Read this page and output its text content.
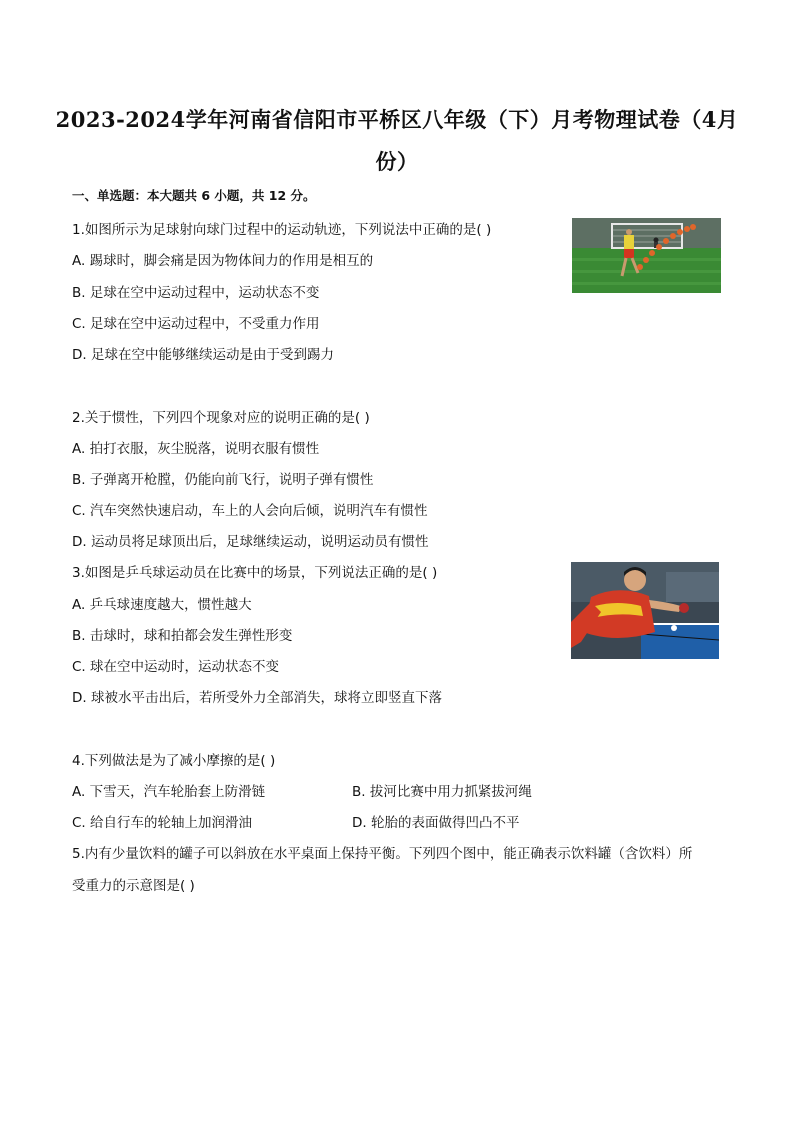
2023-2024学年河南省信阳市平桥区八年级（下）月考物理试卷（4月
份）
一、单选题：本大题共 6 小题，共 12 分。
1.如图所示为足球射向球门过程中的运动轨迹，下列说法中正确的是( )
A. 踢球时，脚会痛是因为物体间力的作用是相互的
B. 足球在空中运动过程中，运动状态不变
C. 足球在空中运动过程中，不受重力作用
D. 足球在空中能够继续运动是由于受到踢力
2.关于惯性，下列四个现象对应的说明正确的是( )
A. 拍打衣服，灰尘脱落，说明衣服有惯性
B. 子弹离开枪膛，仍能向前飞行，说明子弹有惯性
C. 汽车突然快速启动，车上的人会向后倾，说明汽车有惯性
D. 运动员将足球顶出后，足球继续运动，说明运动员有惯性
3.如图是乒乓球运动员在比赛中的场景，下列说法正确的是( )
A. 乒乓球速度越大，惯性越大
B. 击球时，球和拍都会发生弹性形变
C. 球在空中运动时，运动状态不变
D. 球被水平击出后，若所受外力全部消失，球将立即竖直下落
4.下列做法是为了减小摩擦的是( )
A. 下雪天，汽车轮胎套上防滑链	B. 拔河比赛中用力抓紧拔河绳
C. 给自行车的轮轴上加润滑油	D. 轮胎的表面做得凹凸不平
5.内有少量饮料的罐子可以斜放在水平桌面上保持平衡。下列四个图中，能正确表示饮料罐（含饮料）所
受重力的示意图是( )
